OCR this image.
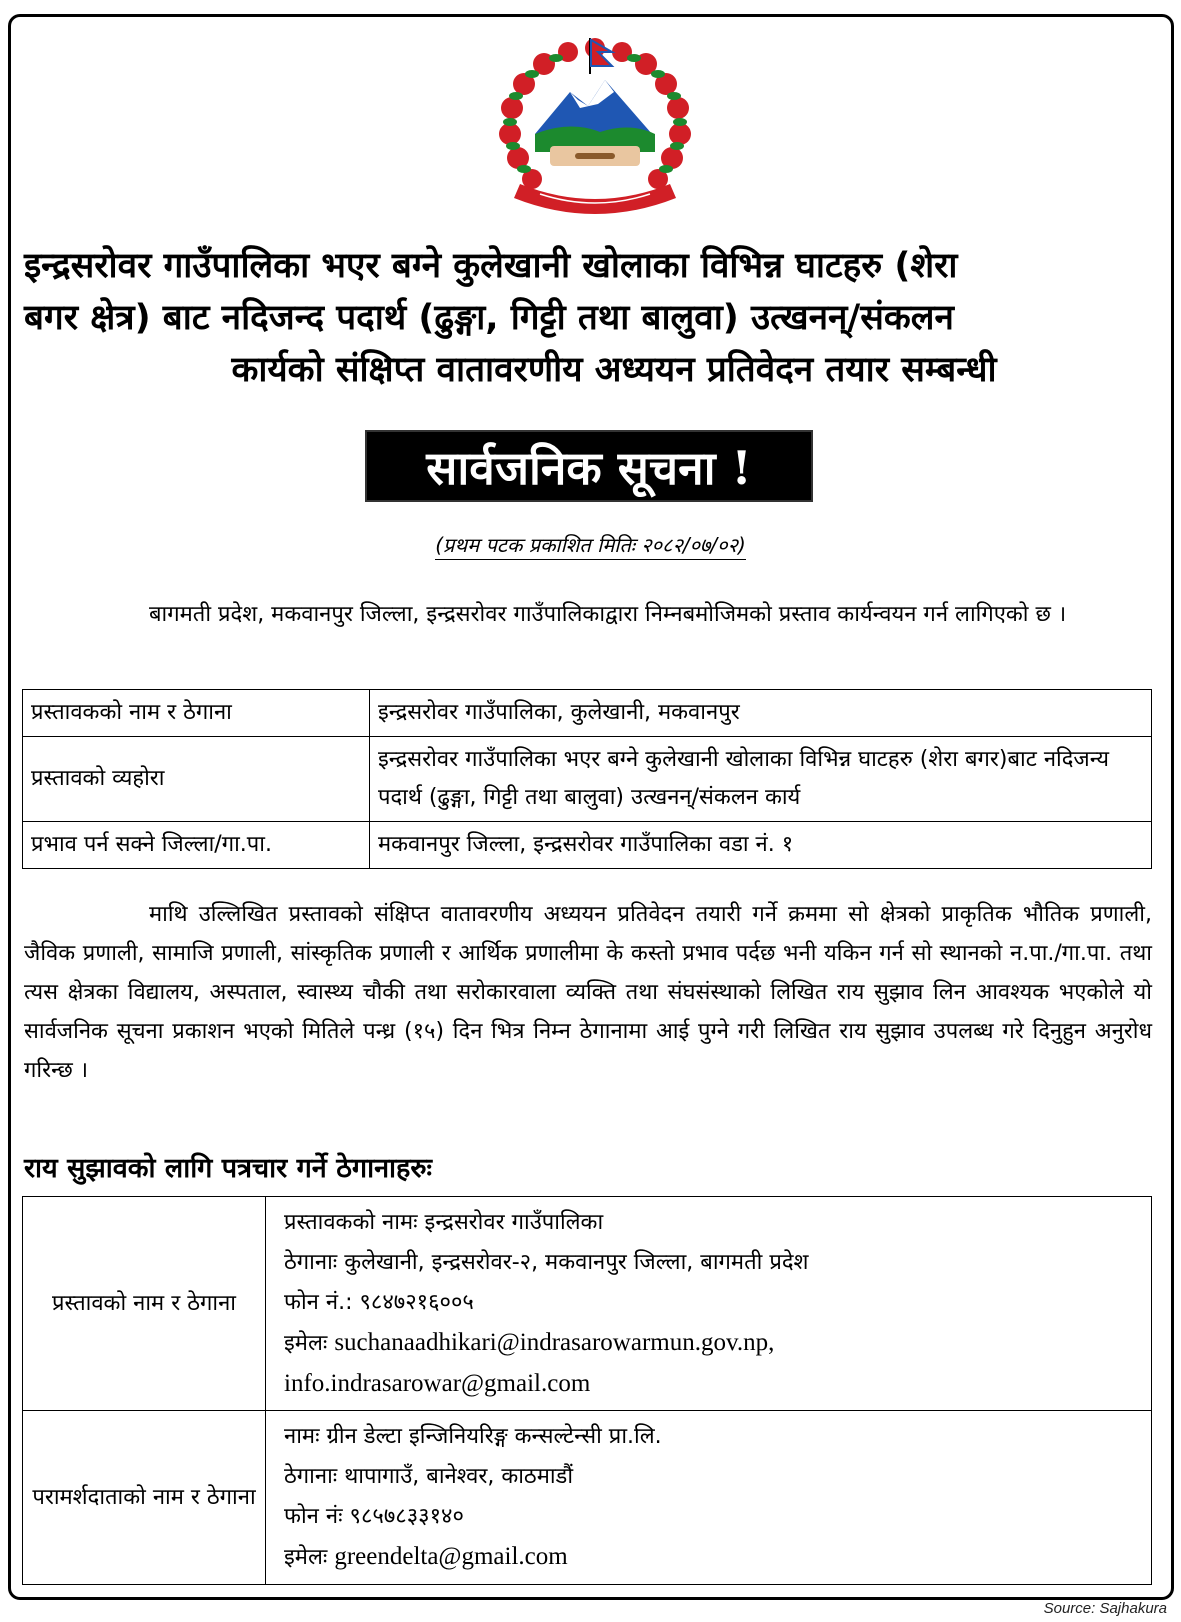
इन्द्रसरोवर गाउँपालिका भएर बग्ने कुलेखानी खोलाका विभिन्न घाटहरु (शेरा
बगर क्षेत्र) बाट नदिजन्द पदार्थ (ढुङ्गा, गिट्टी तथा बालुवा) उत्खनन्/संकलन
कार्यको संक्षिप्त वातावरणीय अध्ययन प्रतिवेदन तयार सम्बन्धी
सार्वजनिक सूचना !
(प्रथम पटक प्रकाशित मितिः २०८२/०७/०२)

बागमती प्रदेश, मकवानपुर जिल्ला, इन्द्रसरोवर गाउँपालिकाद्वारा निम्नबमोजिमको प्रस्ताव कार्यन्वयन गर्न लागिएको छ ।

प्रस्तावकको नाम र ठेगाना	इन्द्रसरोवर गाउँपालिका, कुलेखानी, मकवानपुर
प्रस्तावको व्यहोरा	इन्द्रसरोवर गाउँपालिका भएर बग्ने कुलेखानी खोलाका विभिन्न घाटहरु (शेरा बगर)बाट नदिजन्य पदार्थ (ढुङ्गा, गिट्टी तथा बालुवा) उत्खनन्/संकलन कार्य
प्रभाव पर्न सक्ने जिल्ला/गा.पा.	मकवानपुर जिल्ला, इन्द्रसरोवर गाउँपालिका वडा नं. १

माथि उल्लिखित प्रस्तावको संक्षिप्त वातावरणीय अध्ययन प्रतिवेदन तयारी गर्ने क्रममा सो क्षेत्रको प्राकृतिक भौतिक प्रणाली, जैविक प्रणाली, सामाजि प्रणाली, सांस्कृतिक प्रणाली र आर्थिक प्रणालीमा के कस्तो प्रभाव पर्दछ भनी यकिन गर्न सो स्थानको न.पा./गा.पा. तथा त्यस क्षेत्रका विद्यालय, अस्पताल, स्वास्थ्य चौकी तथा सरोकारवाला व्यक्ति तथा संघसंस्थाको लिखित राय सुझाव लिन आवश्यक भएकोले यो सार्वजनिक सूचना प्रकाशन भएको मितिले पन्ध्र (१५) दिन भित्र निम्न ठेगानामा आई पुग्ने गरी लिखित राय सुझाव उपलब्ध गरे दिनुहुन अनुरोध गरिन्छ ।

राय सुझावको लागि पत्रचार गर्ने ठेगानाहरुः
प्रस्तावको नाम र ठेगाना	प्रस्तावकको नामः इन्द्रसरोवर गाउँपालिका
ठेगानाः कुलेखानी, इन्द्रसरोवर-२, मकवानपुर जिल्ला, बागमती प्रदेश
फोन नं.: ९८४७२१६००५
इमेलः suchanaadhikari@indrasarowarmun.gov.np,
info.indrasarowar@gmail.com

परामर्शदाताको नाम र ठेगाना	नामः ग्रीन डेल्टा इन्जिनियरिङ्ग कन्सल्टेन्सी प्रा.लि.
ठेगानाः थापागाउँ, बानेश्वर, काठमाडौं
फोन नंः ९८५७८३३१४०
इमेलः greendelta@gmail.com
Source: Sajhakura
